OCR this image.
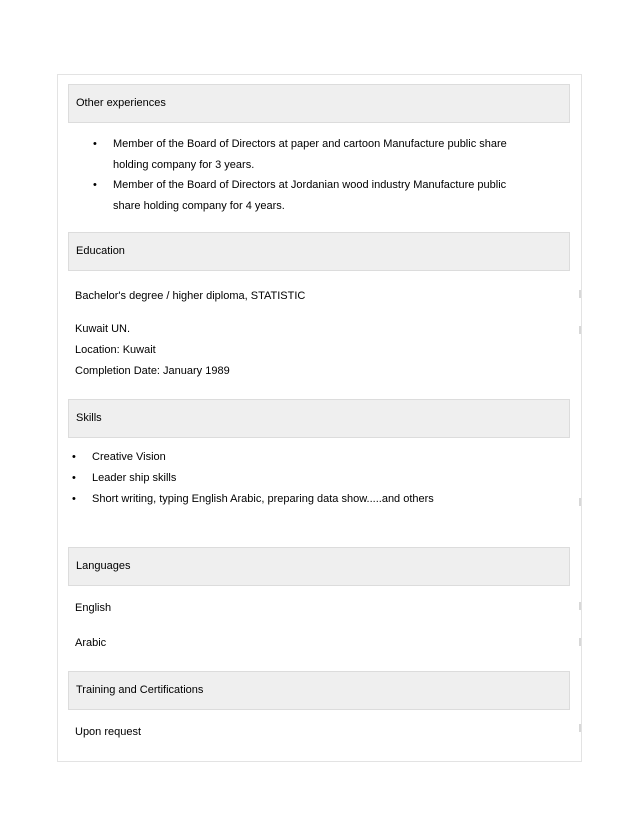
Other experiences
• Member of the Board of Directors at paper and cartoon Manufacture public share
holding company for 3 years.
• Member of the Board of Directors at Jordanian wood industry Manufacture public
share holding company for 4 years.
Education
Bachelor's degree / higher diploma, STATISTIC
Kuwait UN.
Location: Kuwait
Completion Date: January 1989
Skills
• Creative Vision
• Leader ship skills
• Short writing, typing English Arabic, preparing data show.....and others
Languages
English
Arabic
Training and Certifications
Upon request
